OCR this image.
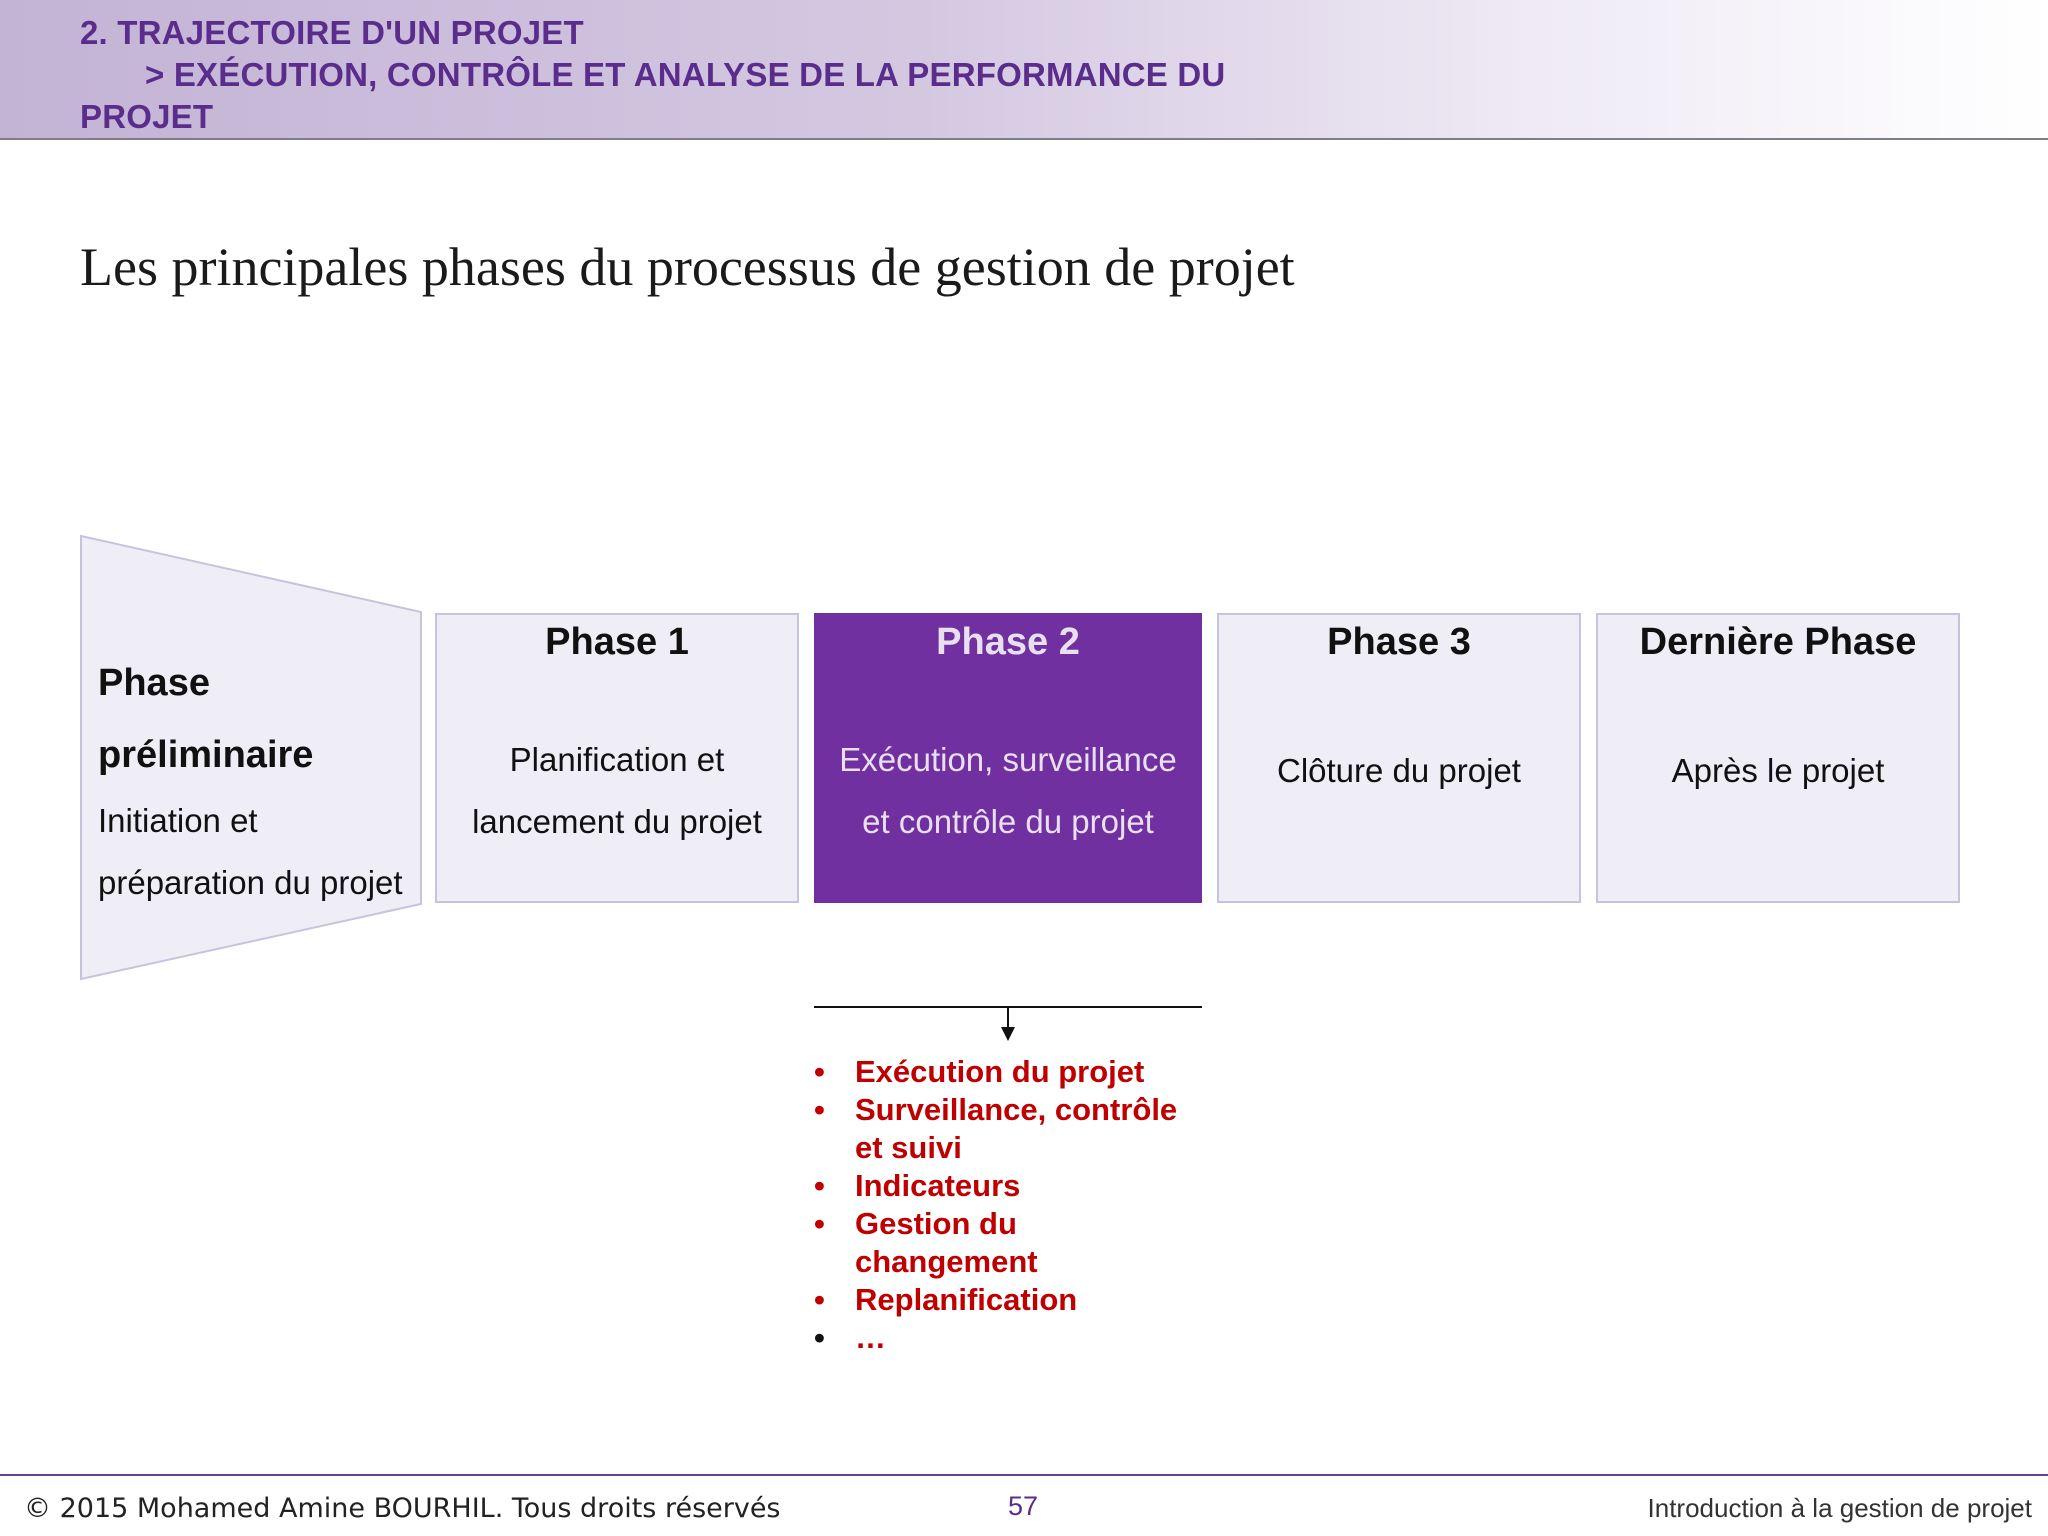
2. TRAJECTOIRE D'UN PROJET
> EXÉCUTION, CONTRÔLE ET ANALYSE DE LA PERFORMANCE DU
PROJET
Les principales phases du processus de gestion de projet
Phase
préliminaire
Initiation et
préparation du projet
Phase 1
Planification et
lancement du projet
Phase 2
Exécution, surveillance
et contrôle du projet
Phase 3
Clôture du projet
Dernière Phase
Après le projet
• Exécution du projet
• Surveillance, contrôle
et suivi
• Indicateurs
• Gestion du
changement
• Replanification
• …
© 2015 Mohamed Amine BOURHIL. Tous droits réservés	57	Introduction à la gestion de projet
